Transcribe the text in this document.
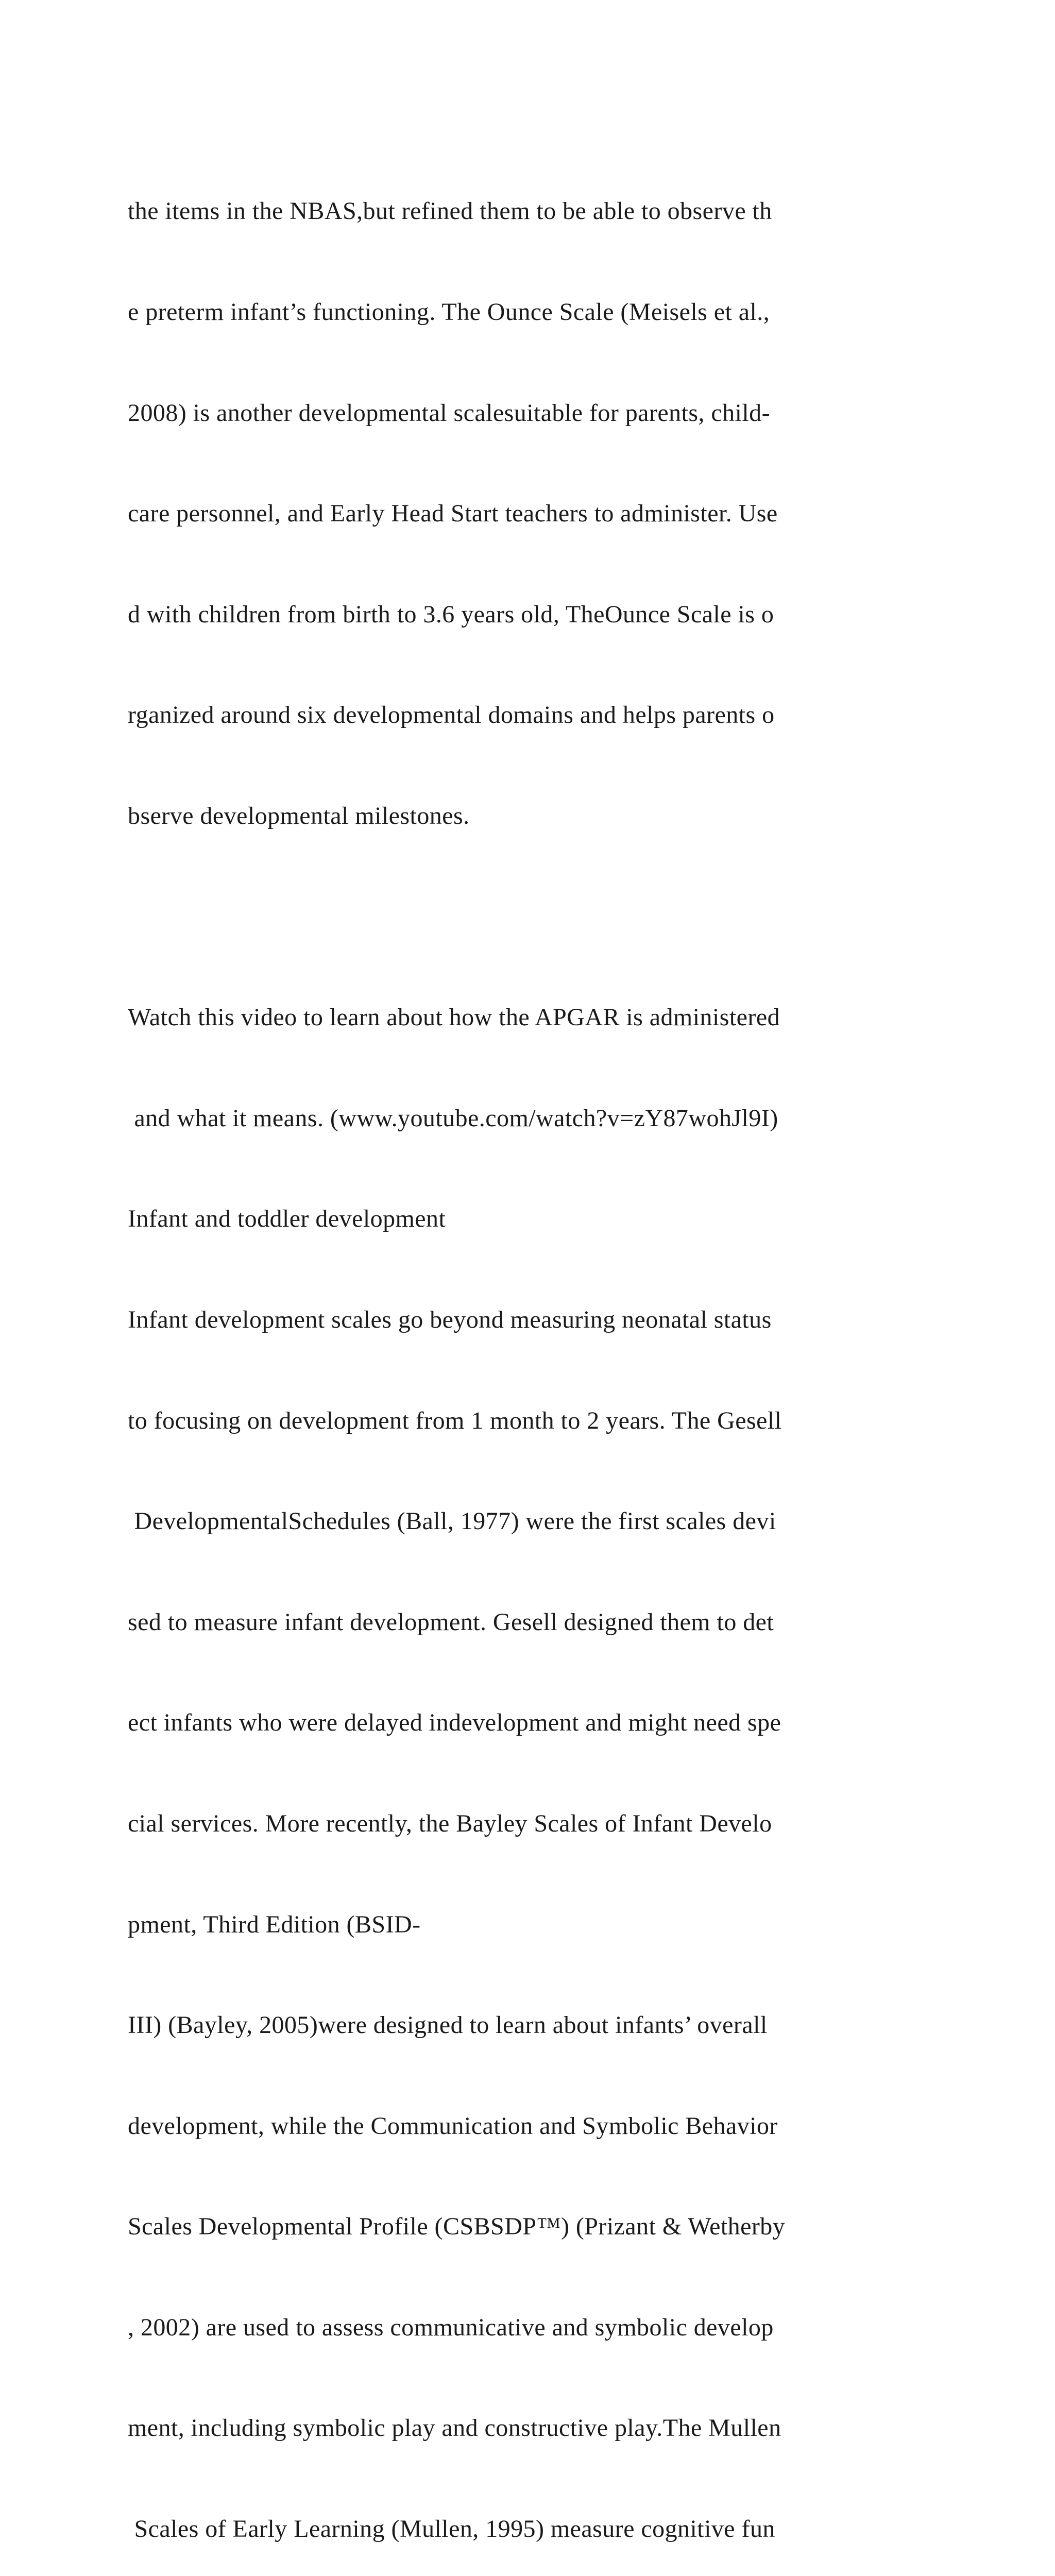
the items in the NBAS,but refined them to be able to observe th

e preterm infant’s functioning. The Ounce Scale (Meisels et al.,

2008) is another developmental scalesuitable for parents, child-

care personnel, and Early Head Start teachers to administer. Use

d with children from birth to 3.6 years old, TheOunce Scale is o

rganized around six developmental domains and helps parents o

bserve developmental milestones.

Watch this video to learn about how the APGAR is administered

and what it means. (www.youtube.com/watch?v=zY87wohJl9I)

Infant and toddler development

Infant development scales go beyond measuring neonatal status

to focusing on development from 1 month to 2 years. The Gesell

DevelopmentalSchedules (Ball, 1977) were the first scales devi

sed to measure infant development. Gesell designed them to det

ect infants who were delayed indevelopment and might need spe

cial services. More recently, the Bayley Scales of Infant Develo

pment, Third Edition (BSID-

III) (Bayley, 2005)were designed to learn about infants’ overall

development, while the Communication and Symbolic Behavior

Scales Developmental Profile (CSBSDP™) (Prizant & Wetherby

, 2002) are used to assess communicative and symbolic develop

ment, including symbolic play and constructive play.The Mullen

Scales of Early Learning (Mullen, 1995) measure cognitive fun
